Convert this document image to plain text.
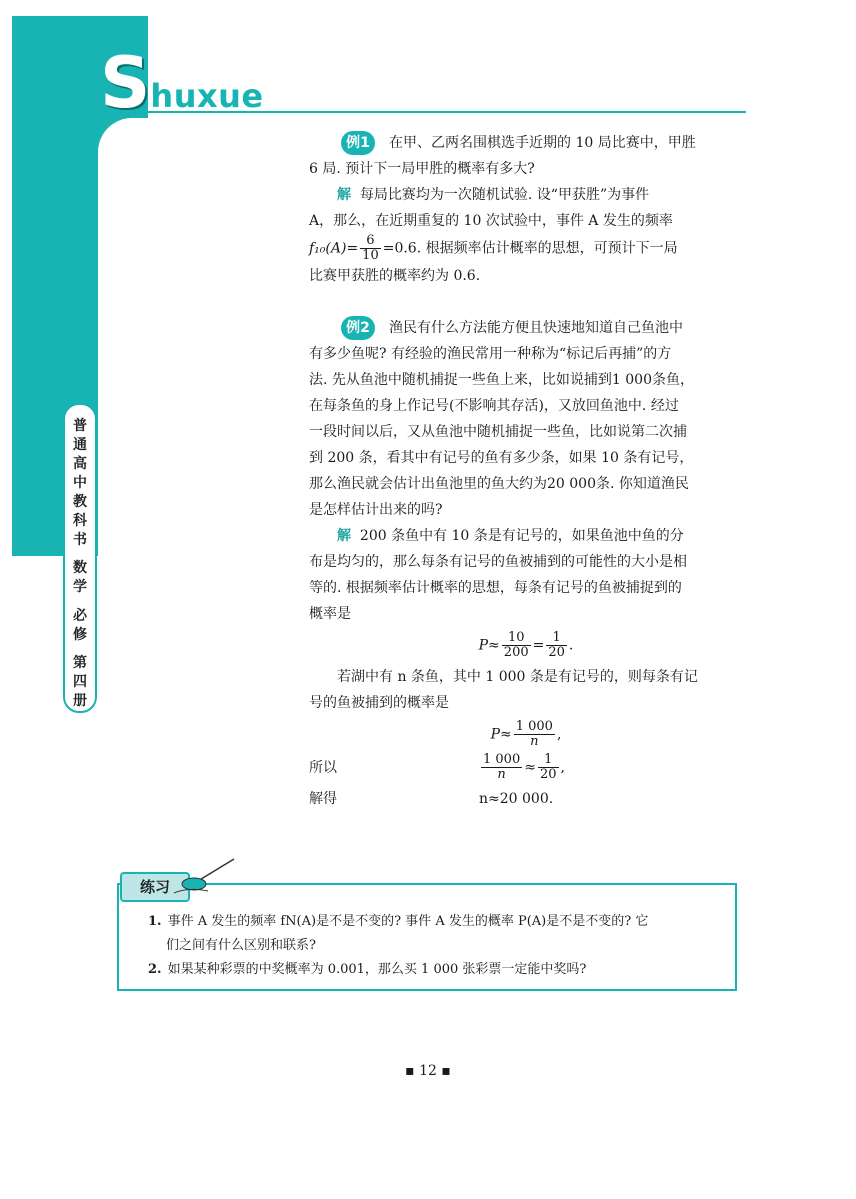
Shuxue
普
通
高
中
教
科
书
数
学
必
修
第
四
册

例1 在甲、乙两名围棋选手近期的 10 局比赛中，甲胜

6 局. 预计下一局甲胜的概率有多大?

解 每局比赛均为一次随机试验. 设“甲获胜”为事件

A，那么，在近期重复的 10 次试验中，事件 A 发生的频率

$f_{10}(A)= \frac{6}{10} =0.6$. 根据频率估计概率的思想，可预计下一局

比赛甲获胜的概率约为 0.6.

例2 渔民有什么方法能方便且快速地知道自己鱼池中

有多少鱼呢? 有经验的渔民常用一种称为“标记后再捕”的方

法. 先从鱼池中随机捕捉一些鱼上来，比如说捕到1 000条鱼，

在每条鱼的身上作记号(不影响其存活)，又放回鱼池中. 经过

一段时间以后，又从鱼池中随机捕捉一些鱼，比如说第二次捕

到 200 条，看其中有记号的鱼有多少条，如果 10 条有记号，

那么渔民就会估计出鱼池里的鱼大约为20 000条. 你知道渔民

是怎样估计出来的吗?

解 200 条鱼中有 10 条是有记号的，如果鱼池中鱼的分

布是均匀的，那么每条有记号的鱼被捕到的可能性的大小是相

等的. 根据频率估计概率的思想，每条有记号的鱼被捕捉到的

概率是

$P\approx \frac{10}{200} = \frac{1}{20}$ .

若湖中有 n 条鱼，其中 1 000 条是有记号的，则每条有记

号的鱼被捕到的概率是

$P\approx \frac{1 000}{n}$ ,
所以	$\frac{1 000}{n} \approx \frac{1}{20}$ ,
解得	n≈20 000.
练习

1. 事件 A 发生的频率 fN(A)是不是不变的? 事件 A 发生的概率 P(A)是不是不变的? 它

们之间有什么区别和联系?

2. 如果某种彩票的中奖概率为 0.001，那么买 1 000 张彩票一定能中奖吗?

▪ 12 ▪
